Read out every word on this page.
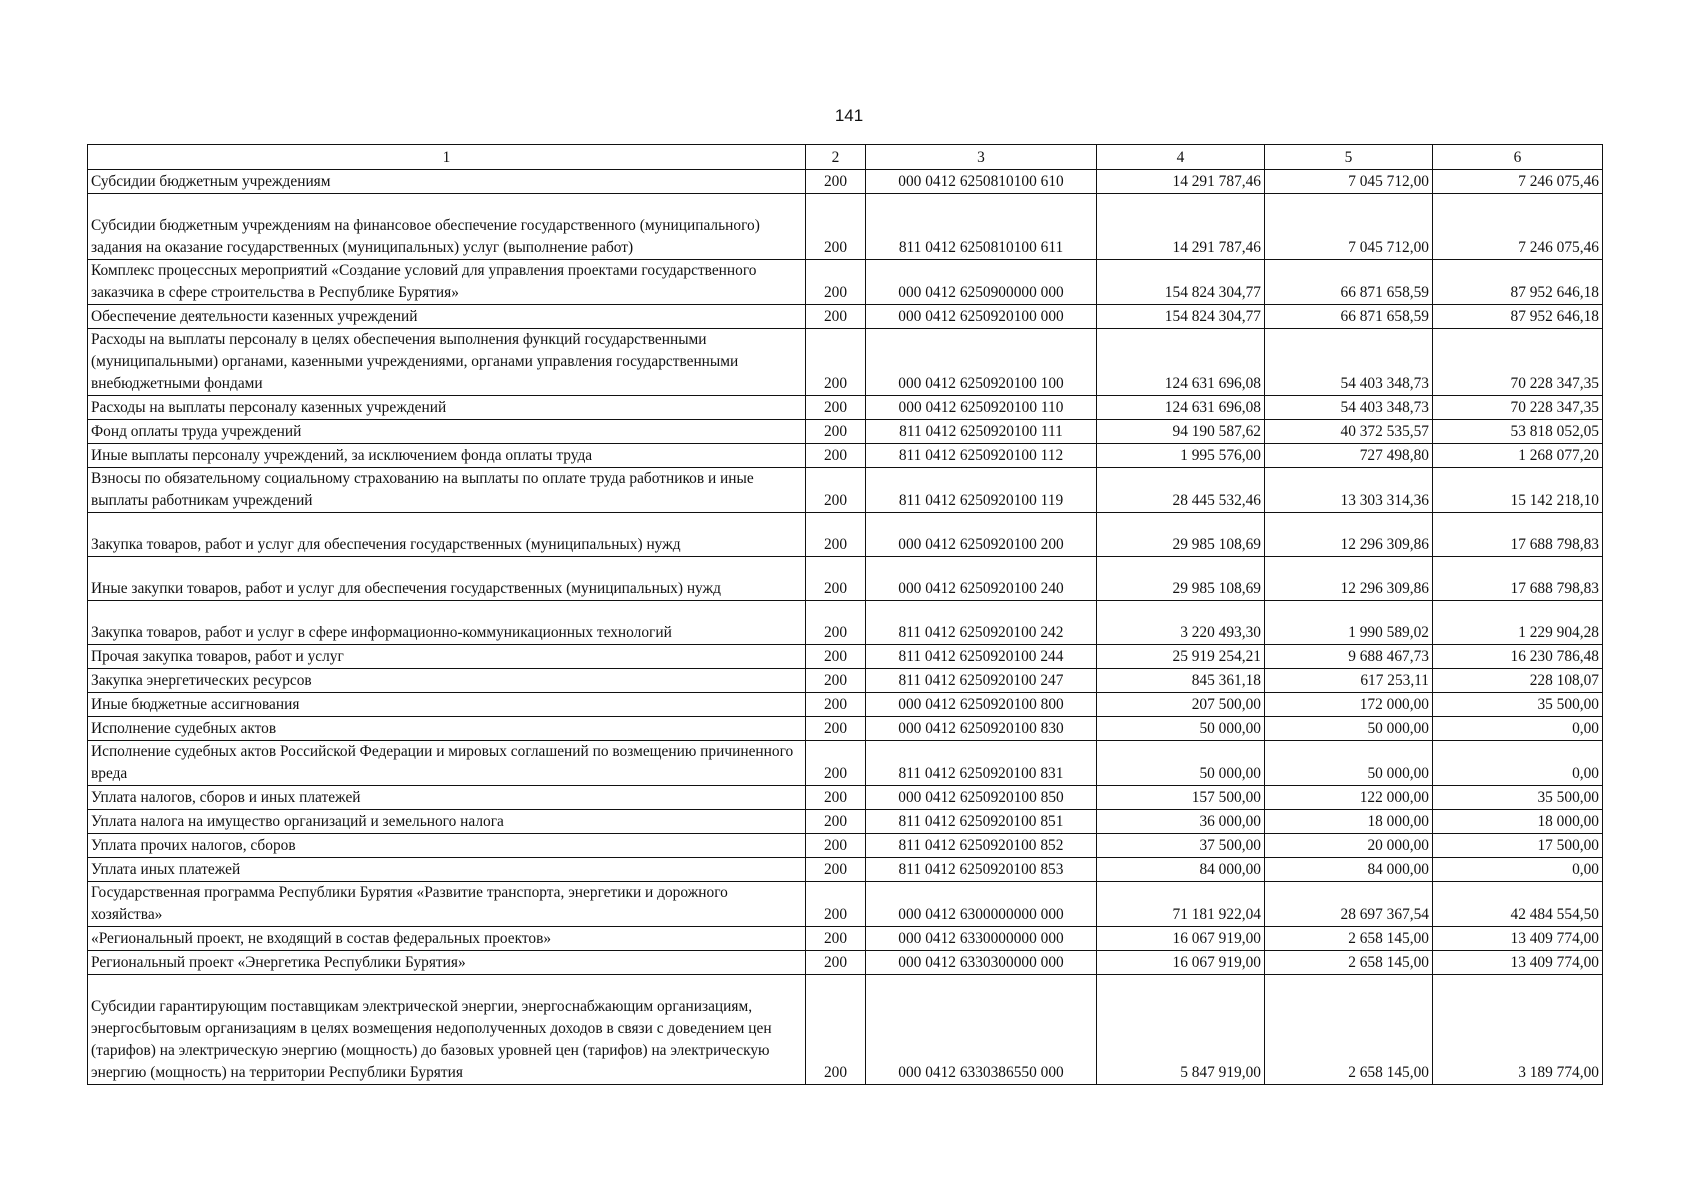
141
1	2	3	4	5	6
Субсидии бюджетным учреждениям	200	000 0412 6250810100 610	14 291 787,46	7 045 712,00	7 246 075,46
Субсидии бюджетным учреждениям на финансовое обеспечение государственного (муниципального) задания на оказание государственных (муниципальных) услуг (выполнение работ)	200	811 0412 6250810100 611	14 291 787,46	7 045 712,00	7 246 075,46
Комплекс процессных мероприятий «Создание условий для управления проектами государственного заказчика в сфере строительства в Республике Бурятия»	200	000 0412 6250900000 000	154 824 304,77	66 871 658,59	87 952 646,18
Обеспечение деятельности казенных учреждений	200	000 0412 6250920100 000	154 824 304,77	66 871 658,59	87 952 646,18
Расходы на выплаты персоналу в целях обеспечения выполнения функций государственными (муниципальными) органами, казенными учреждениями, органами управления государственными внебюджетными фондами	200	000 0412 6250920100 100	124 631 696,08	54 403 348,73	70 228 347,35
Расходы на выплаты персоналу казенных учреждений	200	000 0412 6250920100 110	124 631 696,08	54 403 348,73	70 228 347,35
Фонд оплаты труда учреждений	200	811 0412 6250920100 111	94 190 587,62	40 372 535,57	53 818 052,05
Иные выплаты персоналу учреждений, за исключением фонда оплаты труда	200	811 0412 6250920100 112	1 995 576,00	727 498,80	1 268 077,20
Взносы по обязательному социальному страхованию на выплаты по оплате труда работников и иные выплаты работникам учреждений	200	811 0412 6250920100 119	28 445 532,46	13 303 314,36	15 142 218,10
Закупка товаров, работ и услуг для обеспечения государственных (муниципальных) нужд	200	000 0412 6250920100 200	29 985 108,69	12 296 309,86	17 688 798,83
Иные закупки товаров, работ и услуг для обеспечения государственных (муниципальных) нужд	200	000 0412 6250920100 240	29 985 108,69	12 296 309,86	17 688 798,83
Закупка товаров, работ и услуг в сфере информационно-коммуникационных технологий	200	811 0412 6250920100 242	3 220 493,30	1 990 589,02	1 229 904,28
Прочая закупка товаров, работ и услуг	200	811 0412 6250920100 244	25 919 254,21	9 688 467,73	16 230 786,48
Закупка энергетических ресурсов	200	811 0412 6250920100 247	845 361,18	617 253,11	228 108,07
Иные бюджетные ассигнования	200	000 0412 6250920100 800	207 500,00	172 000,00	35 500,00
Исполнение судебных актов	200	000 0412 6250920100 830	50 000,00	50 000,00	0,00
Исполнение судебных актов Российской Федерации и мировых соглашений по возмещению причиненного вреда	200	811 0412 6250920100 831	50 000,00	50 000,00	0,00
Уплата налогов, сборов и иных платежей	200	000 0412 6250920100 850	157 500,00	122 000,00	35 500,00
Уплата налога на имущество организаций и земельного налога	200	811 0412 6250920100 851	36 000,00	18 000,00	18 000,00
Уплата прочих налогов, сборов	200	811 0412 6250920100 852	37 500,00	20 000,00	17 500,00
Уплата иных платежей	200	811 0412 6250920100 853	84 000,00	84 000,00	0,00
Государственная программа Республики Бурятия «Развитие транспорта, энергетики и дорожного хозяйства»	200	000 0412 6300000000 000	71 181 922,04	28 697 367,54	42 484 554,50
«Региональный проект, не входящий в состав федеральных проектов»	200	000 0412 6330000000 000	16 067 919,00	2 658 145,00	13 409 774,00
Региональный проект «Энергетика Республики Бурятия»	200	000 0412 6330300000 000	16 067 919,00	2 658 145,00	13 409 774,00
Субсидии гарантирующим поставщикам электрической энергии, энергоснабжающим организациям, энергосбытовым организациям в целях возмещения недополученных доходов в связи с доведением цен (тарифов) на электрическую энергию (мощность) до базовых уровней цен (тарифов) на электрическую энергию (мощность) на территории Республики Бурятия	200	000 0412 6330386550 000	5 847 919,00	2 658 145,00	3 189 774,00
